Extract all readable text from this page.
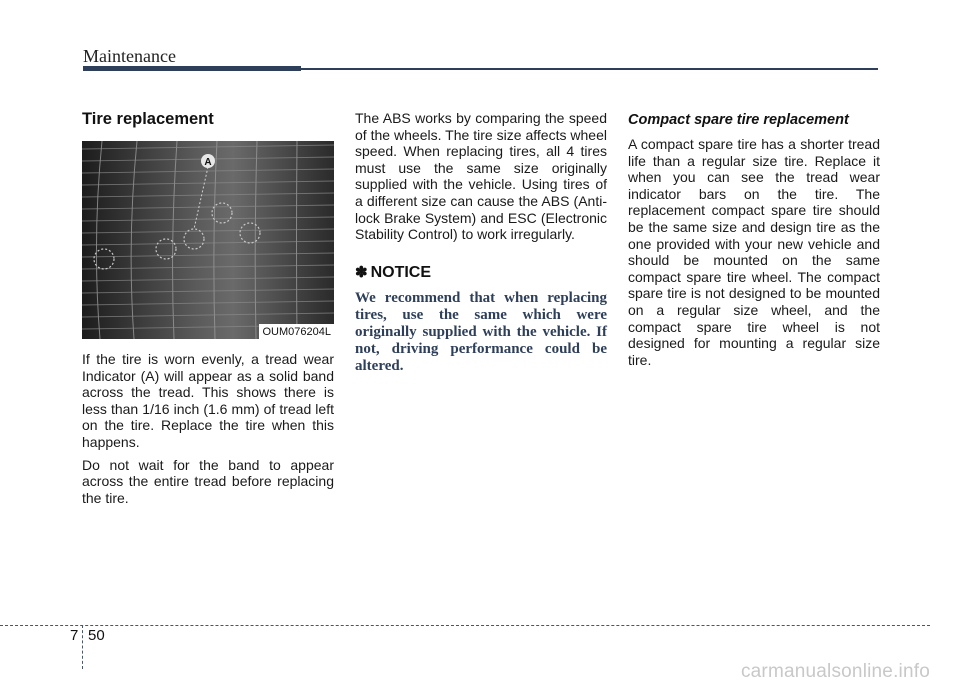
Maintenance
Tire replacement
A
OUM076204L

If the tire is worn evenly, a tread wear Indicator (A) will appear as a solid band across the tread. This shows there is less than 1/16 inch (1.6 mm) of tread left on the tire. Replace the tire when this happens.

Do not wait for the band to appear across the entire tread before replacing the tire.

The ABS works by comparing the speed of the wheels. The tire size affects wheel speed. When replacing tires, all 4 tires must use the same size originally supplied with the vehicle. Using tires of a different size can cause the ABS (Anti-lock Brake System) and ESC (Electronic Stability Control) to work irregularly.

✽ NOTICE

We recommend that when replacing tires, use the same which were originally supplied with the vehicle. If not, driving performance could be altered.

Compact spare tire replacement

A compact spare tire has a shorter tread life than a regular size tire. Replace it when you can see the tread wear indicator bars on the tire. The replacement compact spare tire should be the same size and design tire as the one provided with your new vehicle and should be mounted on the same compact spare tire wheel. The compact spare tire is not designed to be mounted on a regular size wheel, and the compact spare tire wheel is not designed for mounting a regular size tire.

7 50
carmanualsonline.info
